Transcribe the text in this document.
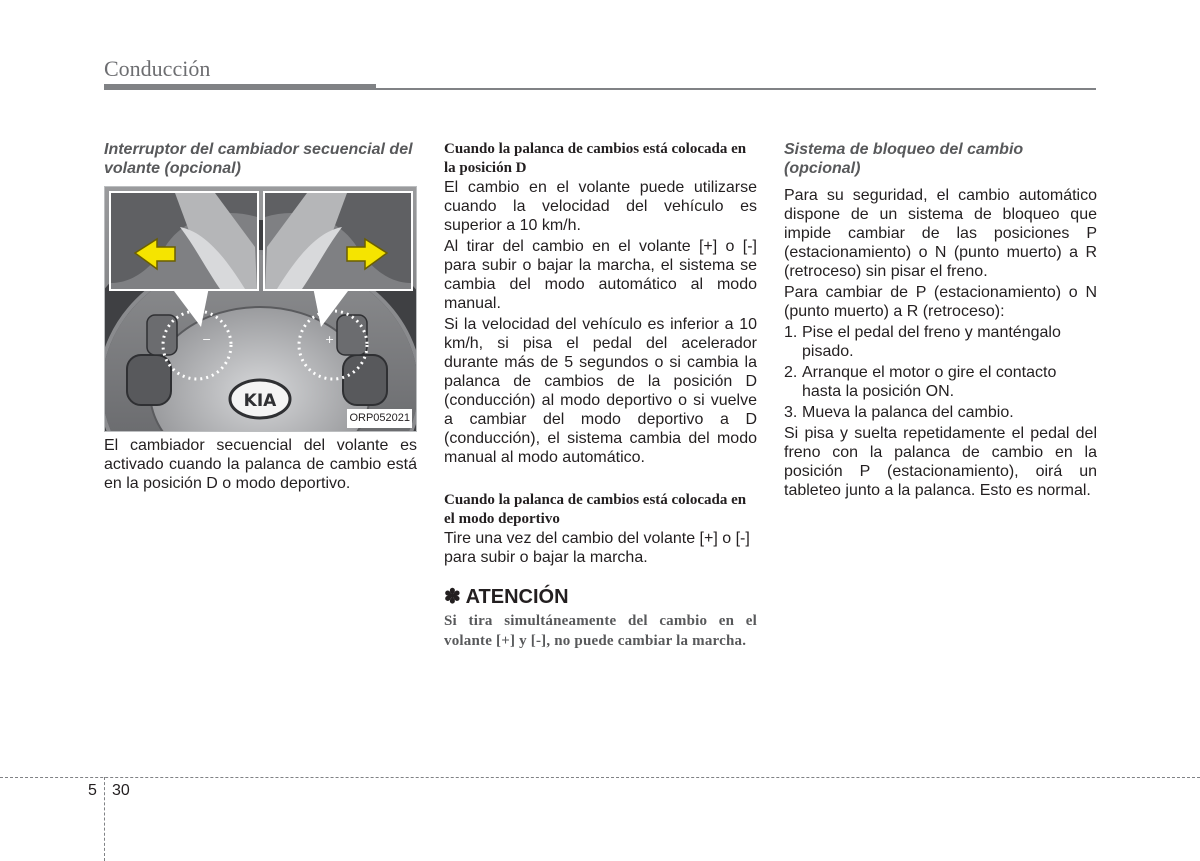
Conducción

Interruptor del cambiador secuencial del volante (opcional)

KIA
−	+
ORP052021

El cambiador secuencial del volante es activado cuando la palanca de cambio está en la posición D o modo deportivo.

Cuando la palanca de cambios está colocada en la posición D

El cambio en el volante puede utilizarse cuando la velocidad del vehículo es superior a 10 km/h.

Al tirar del cambio en el volante [+] o [-] para subir o bajar la marcha, el sistema se cambia del modo automático al modo manual.

Si la velocidad del vehículo es inferior a 10 km/h, si pisa el pedal del acelerador durante más de 5 segundos o si cambia la palanca de cambios de la posición D (conducción) al modo deportivo o si vuelve a cambiar del modo deportivo a D (conducción), el sistema cambia del modo manual al modo automático.

Cuando la palanca de cambios está colocada en el modo deportivo

Tire una vez del cambio del volante [+] o [-] para subir o bajar la marcha.

✽ ATENCIÓN

Si tira simultáneamente del cambio en el volante [+] y [-], no puede cambiar la marcha.

Sistema de bloqueo del cambio (opcional)

Para su seguridad, el cambio automático dispone de un sistema de bloqueo que impide cambiar de las posiciones P (estacionamiento) o N (punto muerto) a R (retroceso) sin pisar el freno.

Para cambiar de P (estacionamiento) o N (punto muerto) a R (retroceso):

1. Pise el pedal del freno y manténgalo pisado.
2. Arranque el motor o gire el contacto hasta la posición ON.
3. Mueva la palanca del cambio.

Si pisa y suelta repetidamente el pedal del freno con la palanca de cambio en la posición P (estacionamiento), oirá un tableteo junto a la palanca. Esto es normal.

5 30
